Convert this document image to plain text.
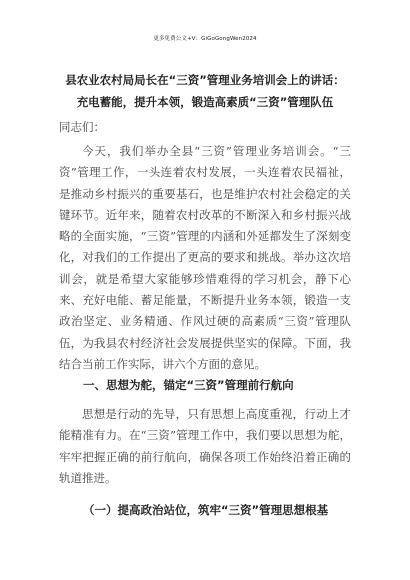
更多免费公文+V：GiGoGongWen2024
县农业农村局局长在“三资”管理业务培训会上的讲话：
充电蓄能，提升本领，锻造高素质“三资”管理队伍
同志们：
今天，我们举办全县“三资”管理业务培训会。“三资”管理工作，一头连着农村发展，一头连着农民福祉，是推动乡村振兴的重要基石，也是维护农村社会稳定的关键环节。近年来，随着农村改革的不断深入和乡村振兴战略的全面实施，“三资”管理的内涵和外延都发生了深刻变化，对我们的工作提出了更高的要求和挑战。举办这次培训会，就是希望大家能够珍惜难得的学习机会，静下心来、充好电能、蓄足能量，不断提升业务本领，锻造一支政治坚定、业务精通、作风过硬的高素质“三资”管理队伍，为我县农村经济社会发展提供坚实的保障。下面，我结合当前工作实际，讲六个方面的意见。
一、思想为舵，锚定“三资”管理前行航向
思想是行动的先导，只有思想上高度重视，行动上才能精准有力。在“三资”管理工作中，我们要以思想为舵，牢牢把握正确的前行航向，确保各项工作始终沿着正确的轨道推进。
（一）提高政治站位，筑牢“三资”管理思想根基
